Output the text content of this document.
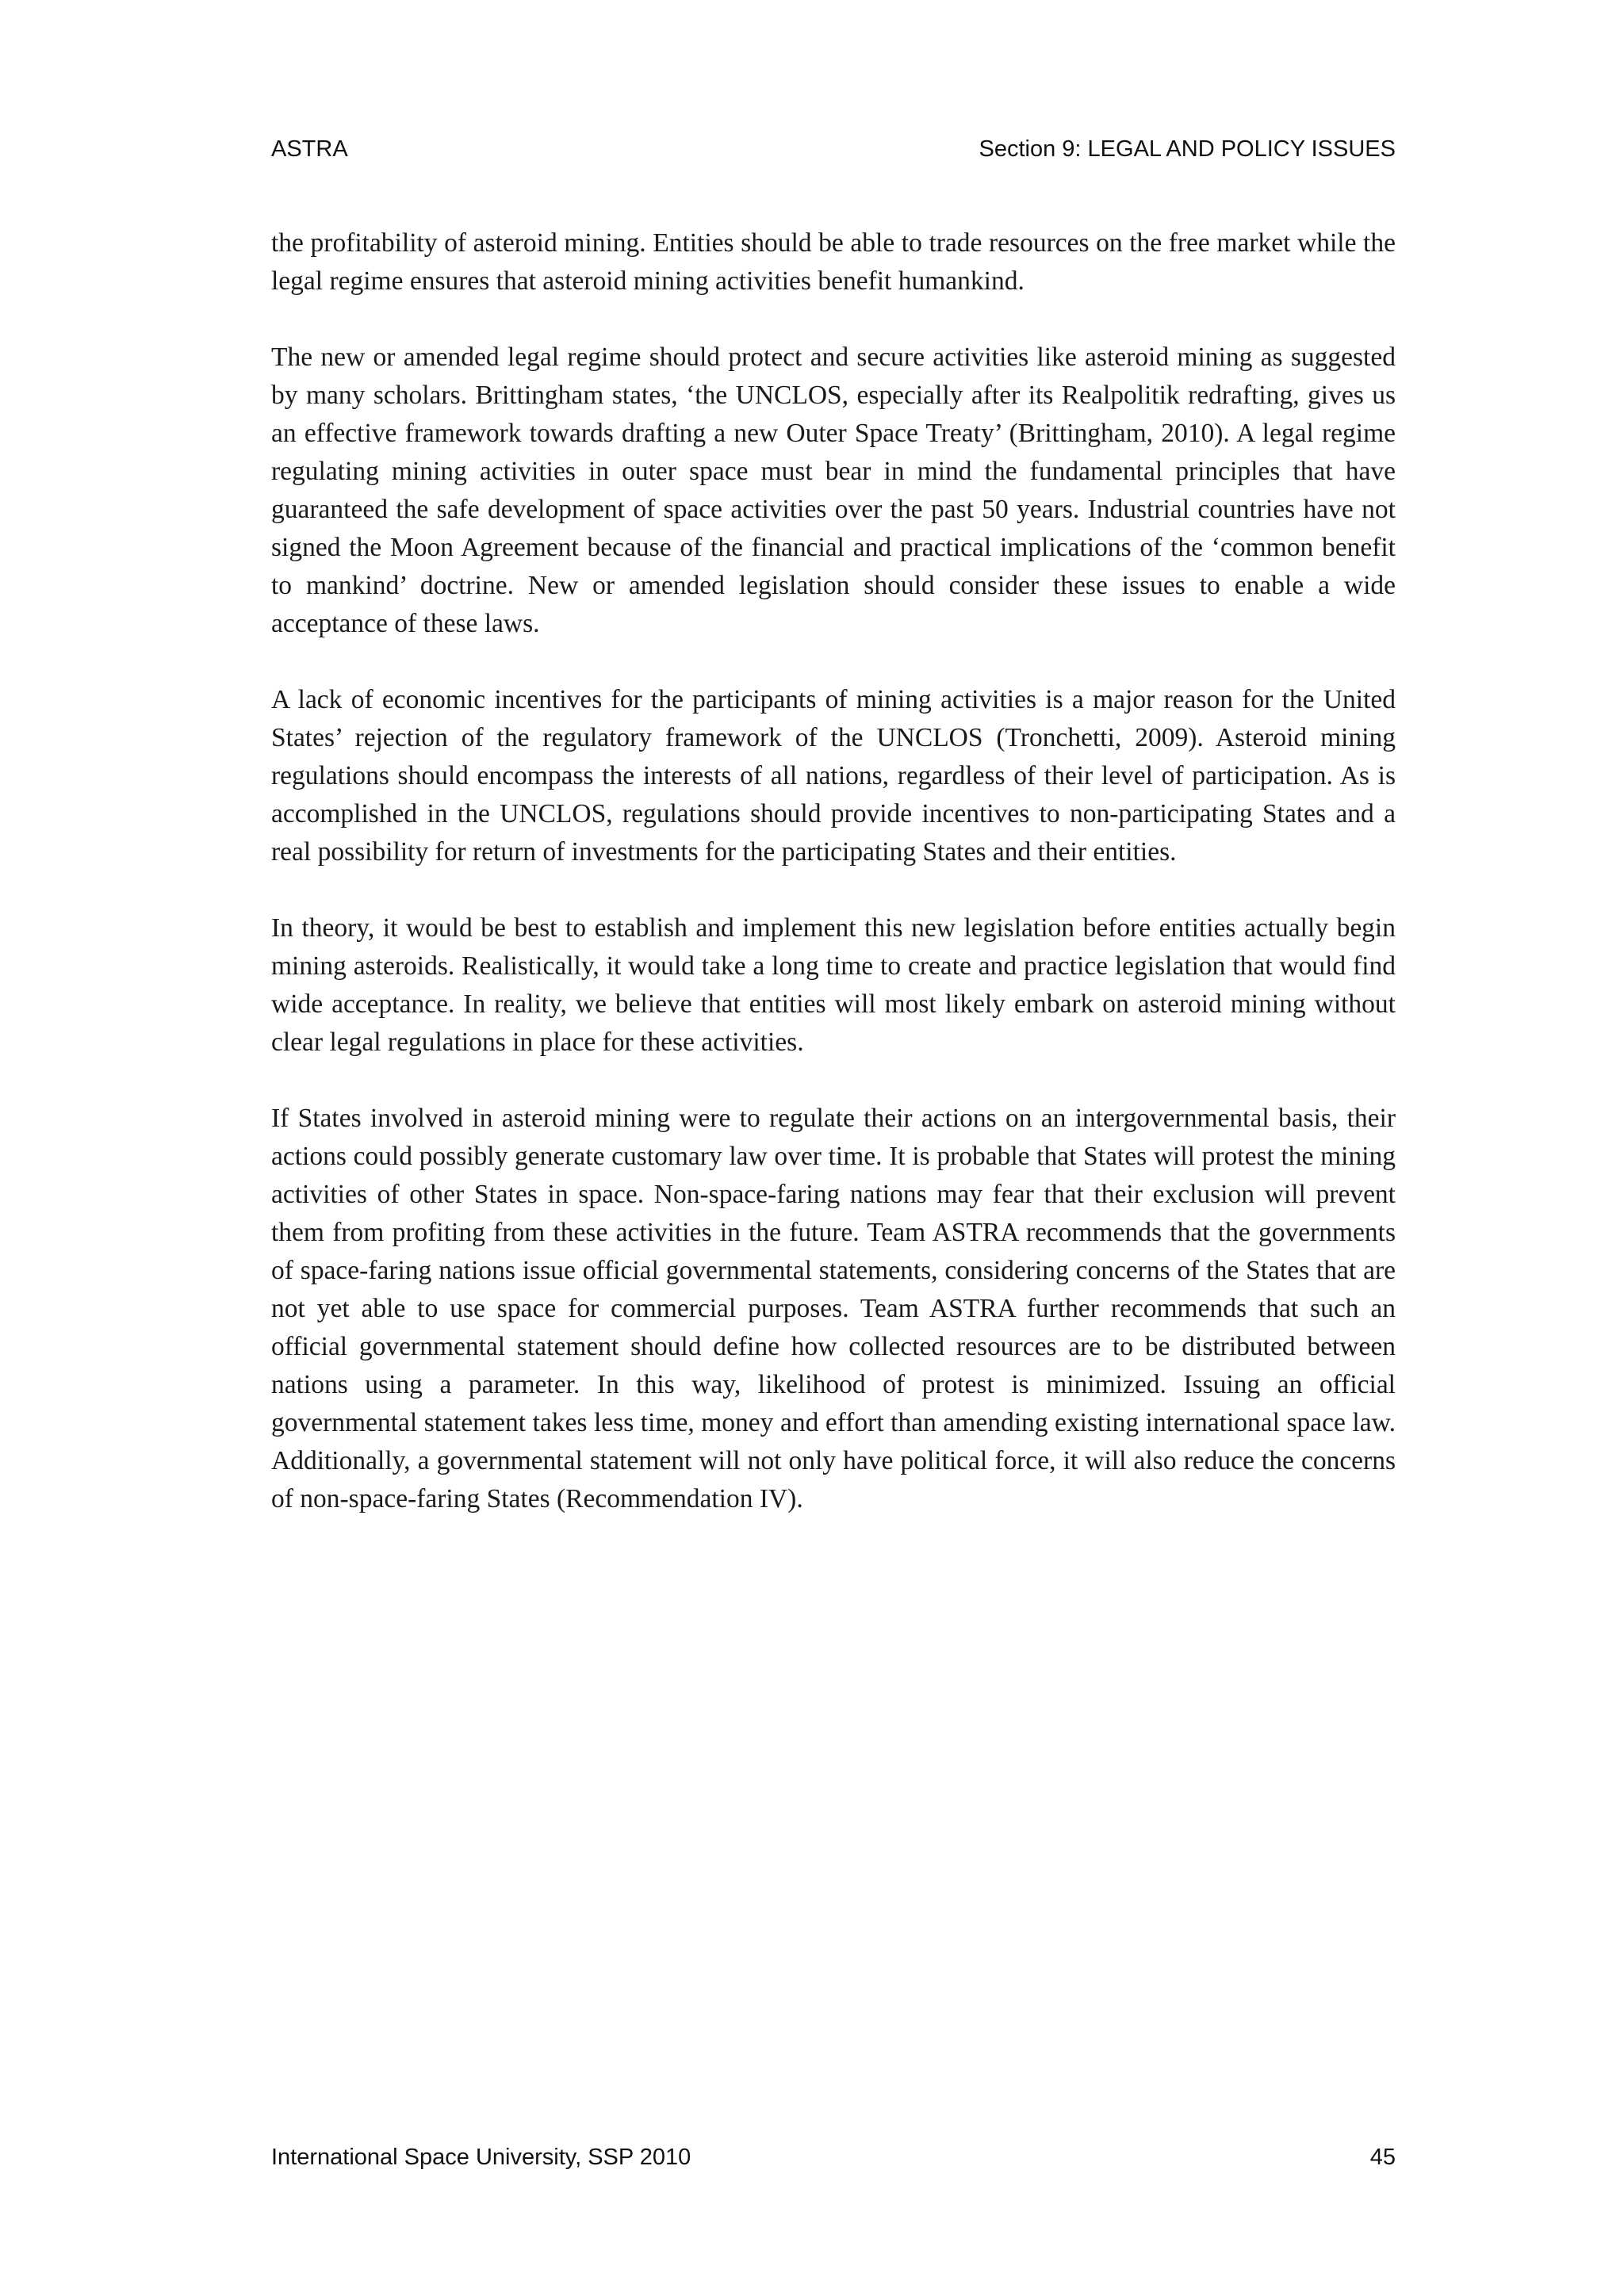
ASTRA	Section 9: LEGAL AND POLICY ISSUES

the profitability of asteroid mining. Entities should be able to trade resources on the free market while the legal regime ensures that asteroid mining activities benefit humankind.

The new or amended legal regime should protect and secure activities like asteroid mining as suggested by many scholars. Brittingham states, ‘the UNCLOS, especially after its Realpolitik redrafting, gives us an effective framework towards drafting a new Outer Space Treaty’ (Brittingham, 2010). A legal regime regulating mining activities in outer space must bear in mind the fundamental principles that have guaranteed the safe development of space activities over the past 50 years. Industrial countries have not signed the Moon Agreement because of the financial and practical implications of the ‘common benefit to mankind’ doctrine. New or amended legislation should consider these issues to enable a wide acceptance of these laws.

A lack of economic incentives for the participants of mining activities is a major reason for the United States’ rejection of the regulatory framework of the UNCLOS (Tronchetti, 2009). Asteroid mining regulations should encompass the interests of all nations, regardless of their level of participation. As is accomplished in the UNCLOS, regulations should provide incentives to non-participating States and a real possibility for return of investments for the participating States and their entities.

In theory, it would be best to establish and implement this new legislation before entities actually begin mining asteroids. Realistically, it would take a long time to create and practice legislation that would find wide acceptance. In reality, we believe that entities will most likely embark on asteroid mining without clear legal regulations in place for these activities.

If States involved in asteroid mining were to regulate their actions on an intergovernmental basis, their actions could possibly generate customary law over time. It is probable that States will protest the mining activities of other States in space. Non-space-faring nations may fear that their exclusion will prevent them from profiting from these activities in the future. Team ASTRA recommends that the governments of space-faring nations issue official governmental statements, considering concerns of the States that are not yet able to use space for commercial purposes. Team ASTRA further recommends that such an official governmental statement should define how collected resources are to be distributed between nations using a parameter. In this way, likelihood of protest is minimized. Issuing an official governmental statement takes less time, money and effort than amending existing international space law. Additionally, a governmental statement will not only have political force, it will also reduce the concerns of non-space-faring States (Recommendation IV).

International Space University, SSP 2010	45
